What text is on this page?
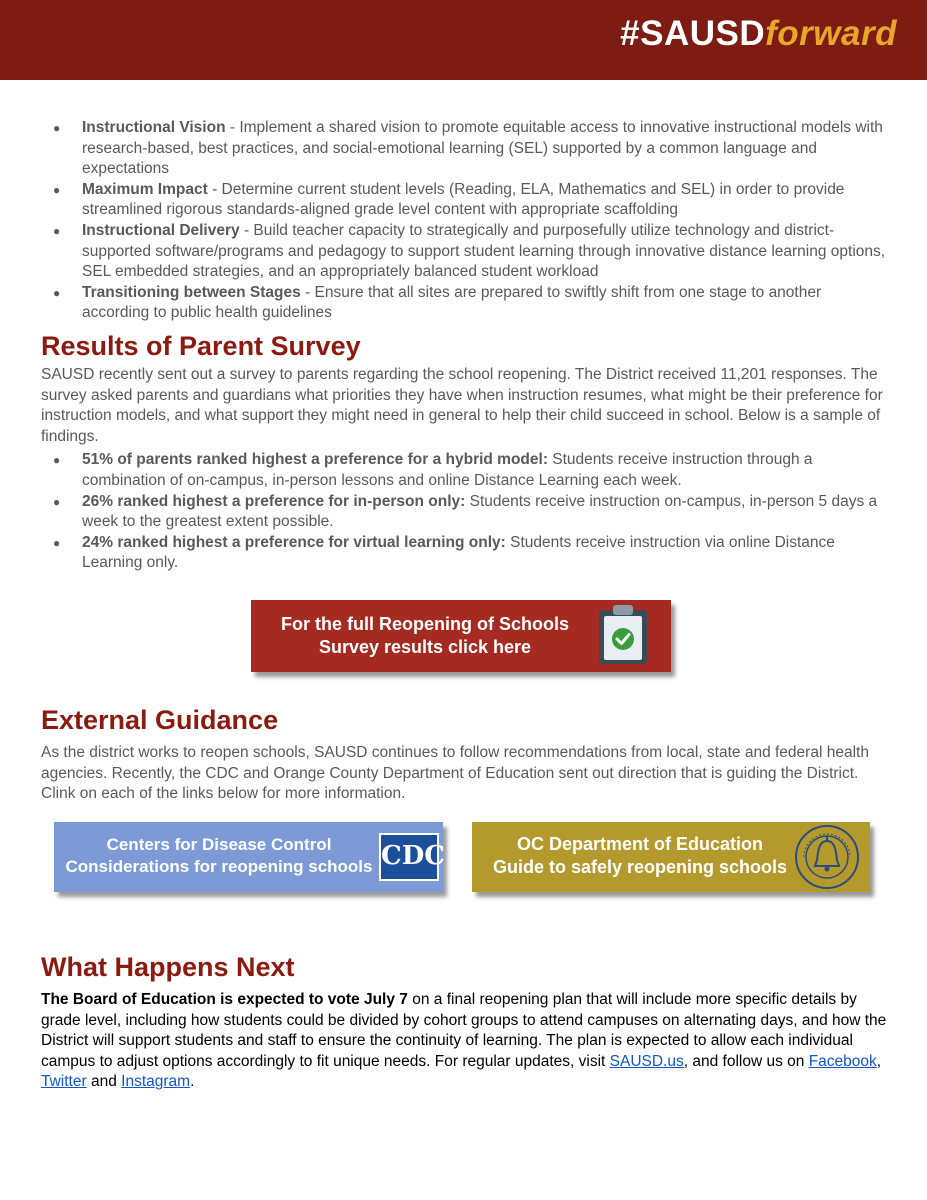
#SAUSDforward
● Instructional Vision - Implement a shared vision to promote equitable access to innovative instructional models with research-based, best practices, and social-emotional learning (SEL) supported by a common language and expectations
● Maximum Impact - Determine current student levels (Reading, ELA, Mathematics and SEL) in order to provide streamlined rigorous standards-aligned grade level content with appropriate scaffolding
● Instructional Delivery - Build teacher capacity to strategically and purposefully utilize technology and district-supported software/programs and pedagogy to support student learning through innovative distance learning options, SEL embedded strategies, and an appropriately balanced student workload
● Transitioning between Stages - Ensure that all sites are prepared to swiftly shift from one stage to another according to public health guidelines
Results of Parent Survey

SAUSD recently sent out a survey to parents regarding the school reopening. The District received 11,201 responses. The survey asked parents and guardians what priorities they have when instruction resumes, what might be their preference for instruction models, and what support they might need in general to help their child succeed in school. Below is a sample of findings.

● 51% of parents ranked highest a preference for a hybrid model: Students receive instruction through a combination of on-campus, in-person lessons and online Distance Learning each week.
● 26% ranked highest a preference for in-person only: Students receive instruction on-campus, in-person 5 days a week to the greatest extent possible.
● 24% ranked highest a preference for virtual learning only: Students receive instruction via online Distance Learning only.
For the full Reopening of Schools
Survey results click here
External Guidance

As the district works to reopen schools, SAUSD continues to follow recommendations from local, state and federal health agencies. Recently, the CDC and Orange County Department of Education sent out direction that is guiding the District. Clink on each of the links below for more information.

Centers for Disease Control
Considerations for reopening schools CDC	OC Department of Education
Guide to safely reopening schools
What Happens Next

The Board of Education is expected to vote July 7 on a final reopening plan that will include more specific details by grade level, including how students could be divided by cohort groups to attend campuses on alternating days, and how the District will support students and staff to ensure the continuity of learning. The plan is expected to allow each individual campus to adjust options accordingly to fit unique needs. For regular updates, visit SAUSD.us, and follow us on Facebook, Twitter and Instagram.
